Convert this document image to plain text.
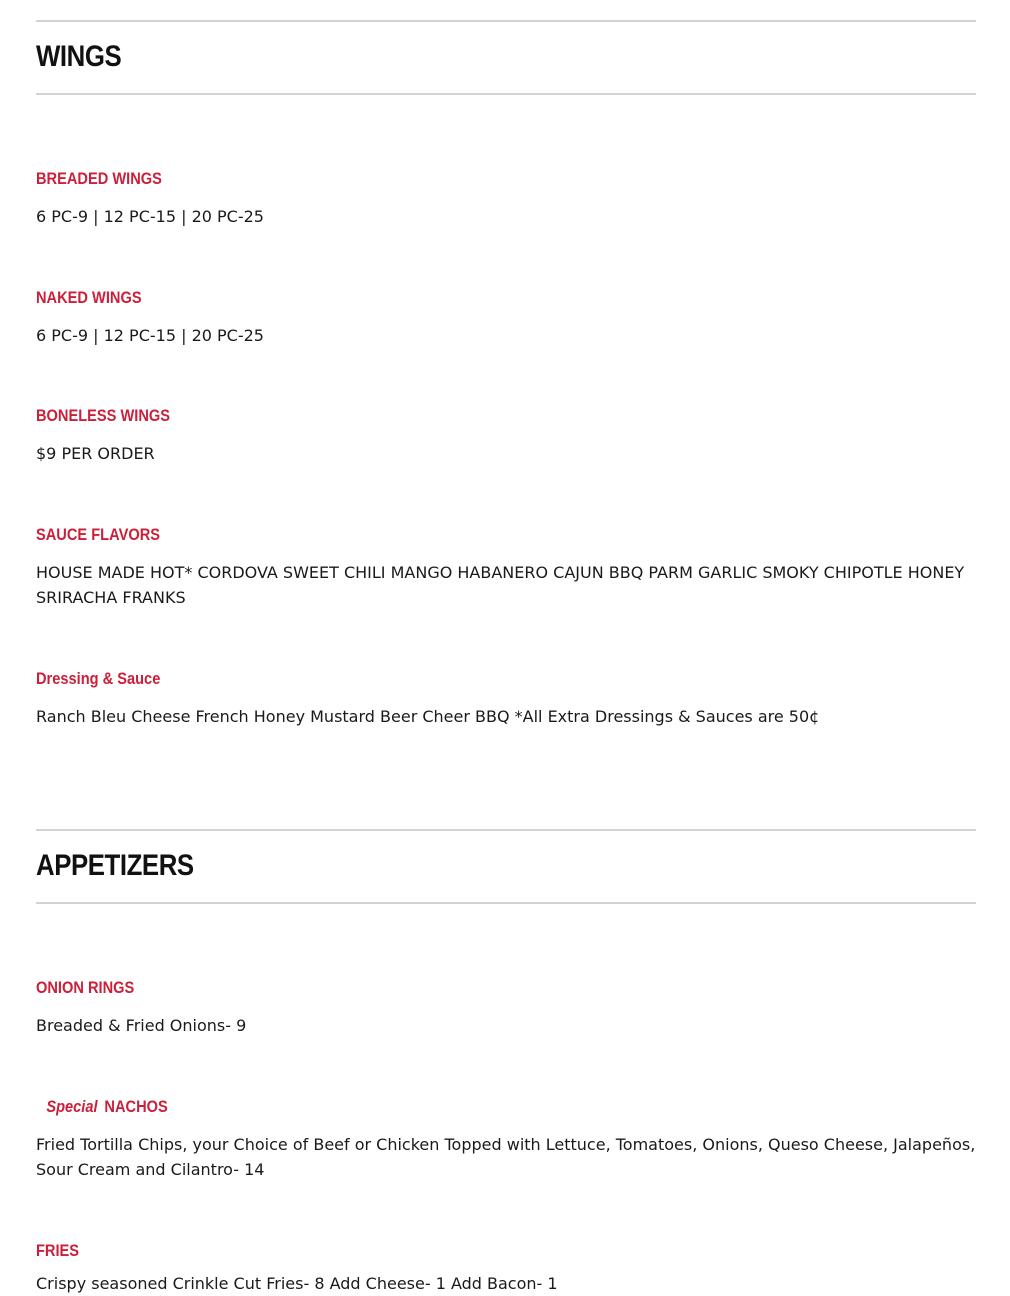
WINGS

BREADED WINGS

6 PC-9 | 12 PC-15 | 20 PC-25

NAKED WINGS

6 PC-9 | 12 PC-15 | 20 PC-25

BONELESS WINGS

$9 PER ORDER

SAUCE FLAVORS

HOUSE MADE HOT* CORDOVA SWEET CHILI MANGO HABANERO CAJUN BBQ PARM GARLIC SMOKY CHIPOTLE HONEY SRIRACHA FRANKS

Dressing & Sauce

Ranch Bleu Cheese French Honey Mustard Beer Cheer BBQ *All Extra Dressings & Sauces are 50¢

APPETIZERS

ONION RINGS

Breaded & Fried Onions- 9

Special NACHOS

Fried Tortilla Chips, your Choice of Beef or Chicken Topped with Lettuce, Tomatoes, Onions, Queso Cheese, Jalapeños, Sour Cream and Cilantro- 14

FRIES

Crispy seasoned Crinkle Cut Fries- 8 Add Cheese- 1 Add Bacon- 1
